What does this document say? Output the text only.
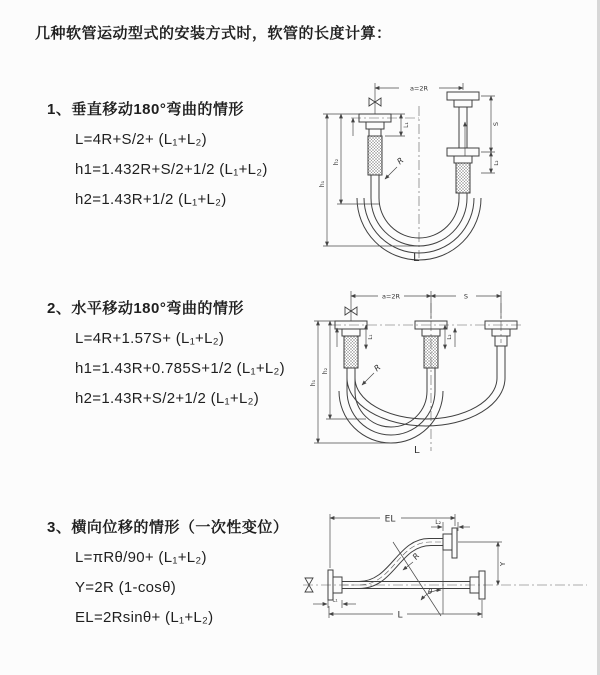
几种软管运动型式的安装方式时，软管的长度计算：
1、垂直移动180°弯曲的情形
L=4R+S/2+ (L₁+L₂)
h1=1.432R+S/2+1/2 (L₁+L₂)
h2=1.43R+1/2 (L₁+L₂)
a=2R
L₁	S
L₂
h₂
h₁
R
L
2、水平移动180°弯曲的情形
L=4R+1.57S+ (L₁+L₂)
h1=1.43R+0.785S+1/2 (L₁+L₂)
h2=1.43R+S/2+1/2 (L₁+L₂)
a=2R	S
L₁	L₂
h₂
h₁
R
L
3、横向位移的情形（一次性变位）
L=πRθ/90+ (L₁+L₂)
Y=2R (1-cosθ)
EL=2Rsinθ+ (L₁+L₂)
EL	L₂
Y
θ
R
L₁
L
